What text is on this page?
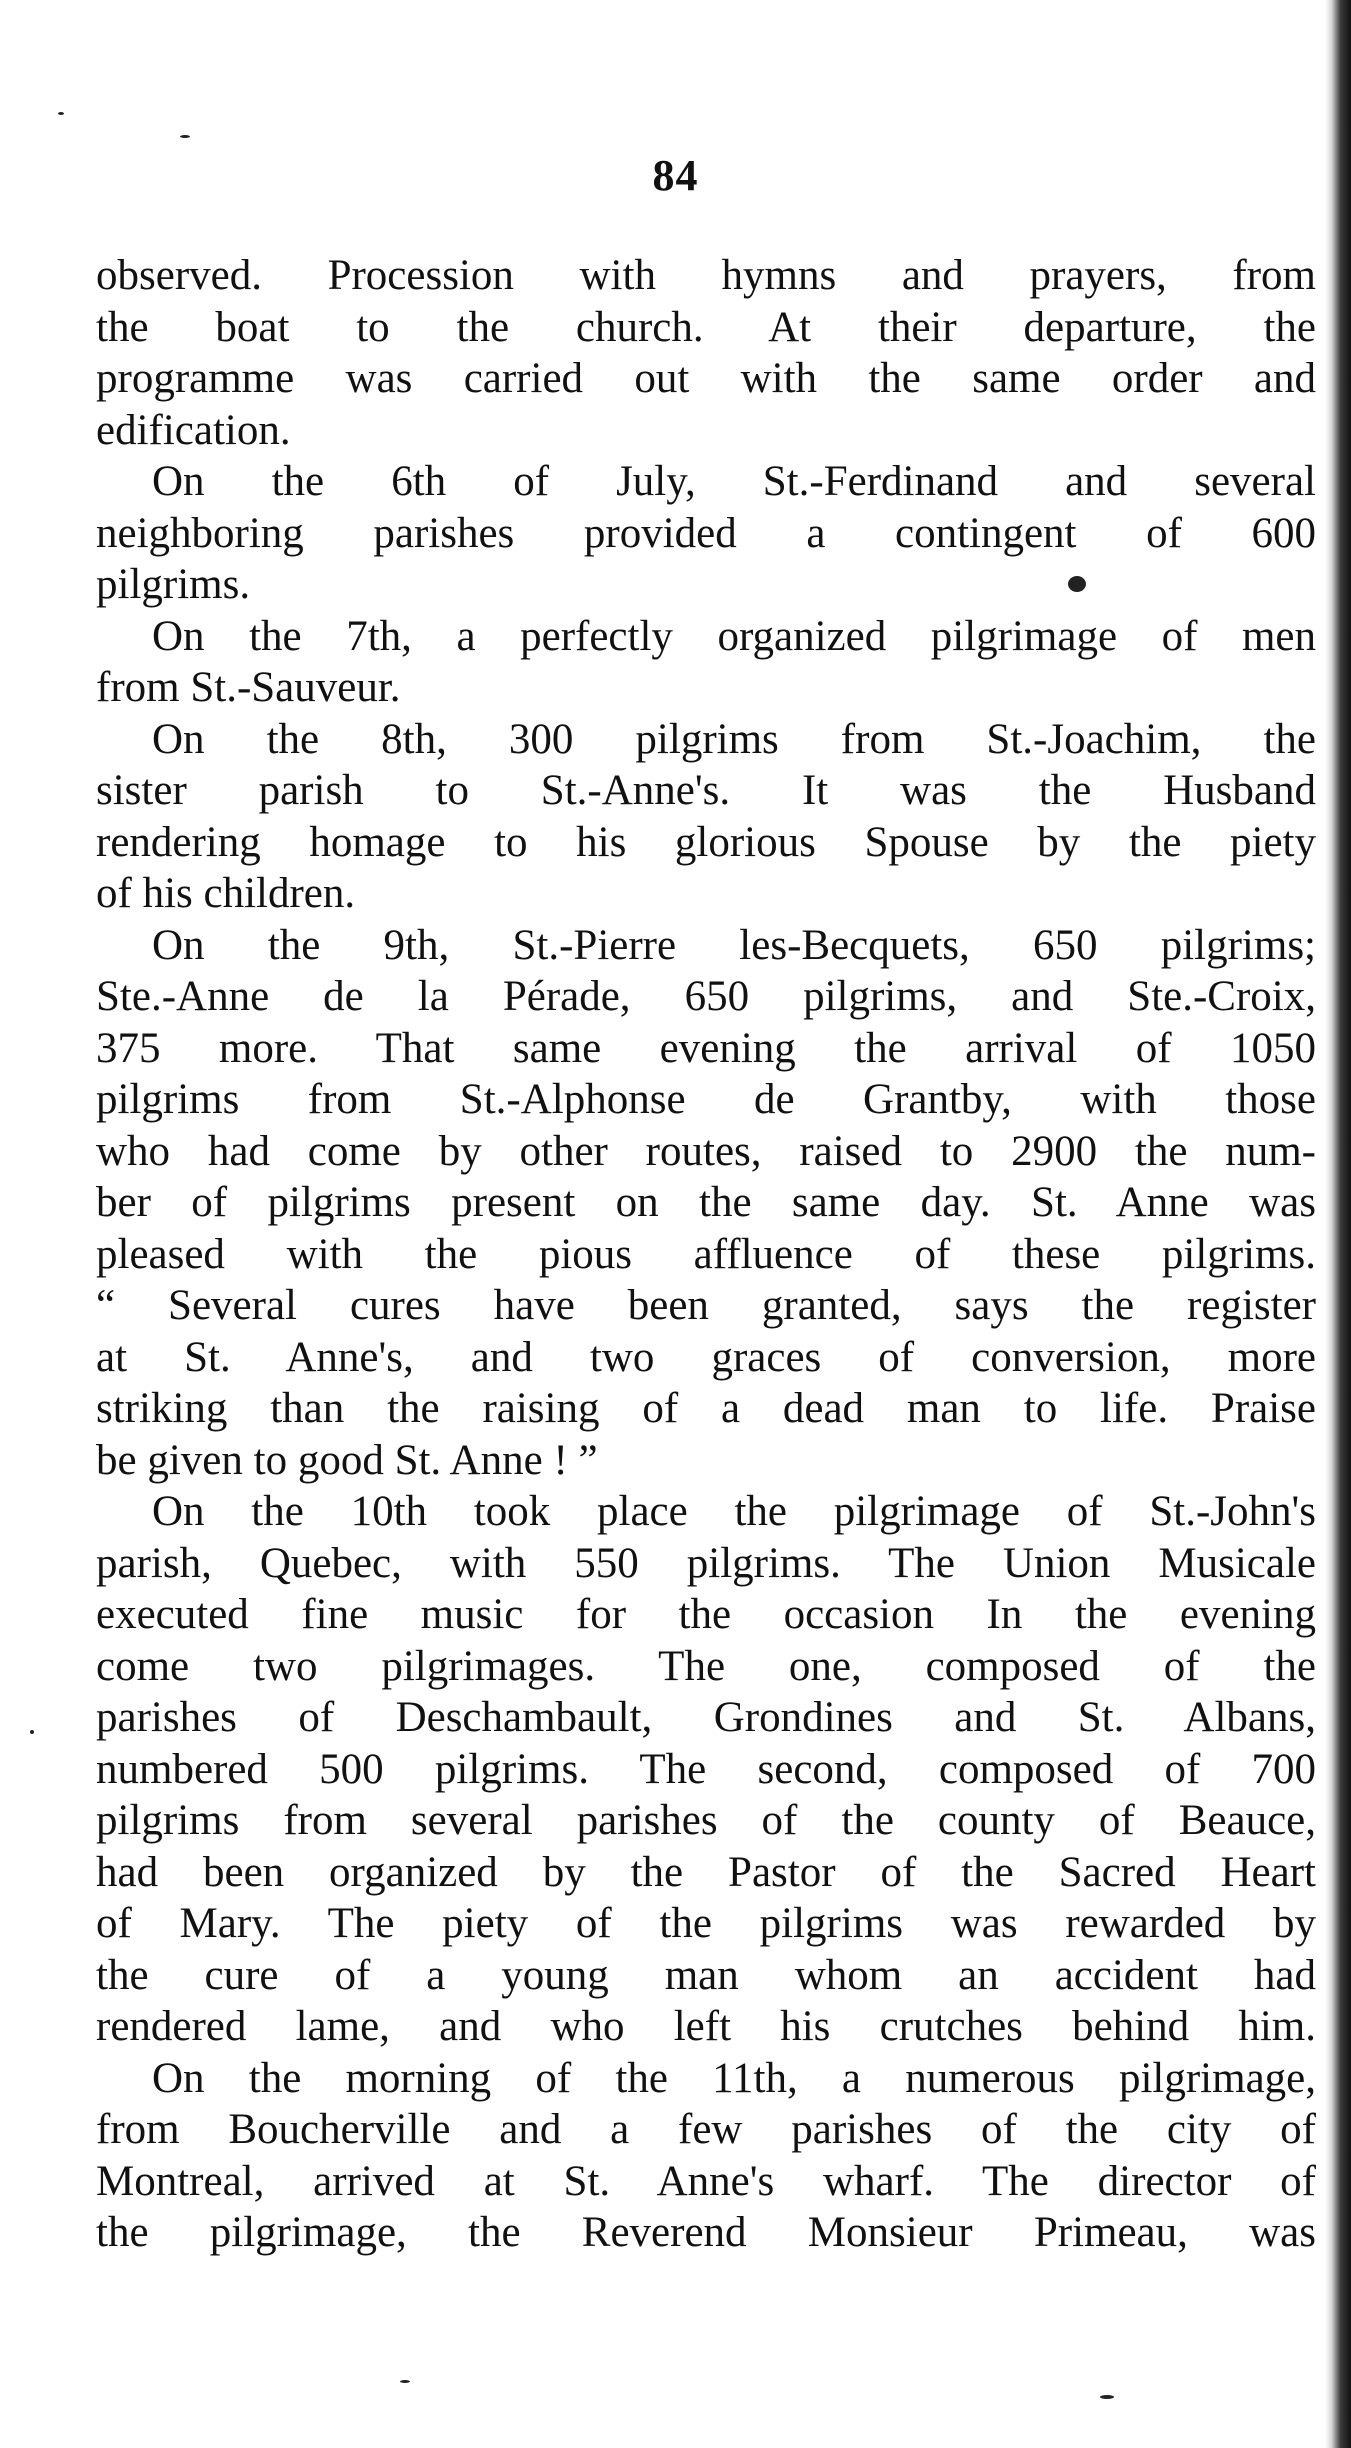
84
observed. Procession with hymns and prayers, from
the boat to the church. At their departure, the
programme was carried out with the same order and
edification.
On the 6th of July, St.-Ferdinand and several
neighboring parishes provided a contingent of 600
pilgrims.
On the 7th, a perfectly organized pilgrimage of men
from St.-Sauveur.
On the 8th, 300 pilgrims from St.-Joachim, the
sister parish to St.-Anne's. It was the Husband
rendering homage to his glorious Spouse by the piety
of his children.
On the 9th, St.-Pierre les-Becquets, 650 pilgrims;
Ste.-Anne de la Pérade, 650 pilgrims, and Ste.-Croix,
375 more. That same evening the arrival of 1050
pilgrims from St.-Alphonse de Grantby, with those
who had come by other routes, raised to 2900 the num-
ber of pilgrims present on the same day. St. Anne was
pleased with the pious affluence of these pilgrims.
“ Several cures have been granted, says the register
at St. Anne's, and two graces of conversion, more
striking than the raising of a dead man to life. Praise
be given to good St. Anne ! ”
On the 10th took place the pilgrimage of St.-John's
parish, Quebec, with 550 pilgrims. The Union Musicale
executed fine music for the occasion In the evening
come two pilgrimages. The one, composed of the
parishes of Deschambault, Grondines and St. Albans,
numbered 500 pilgrims. The second, composed of 700
pilgrims from several parishes of the county of Beauce,
had been organized by the Pastor of the Sacred Heart
of Mary. The piety of the pilgrims was rewarded by
the cure of a young man whom an accident had
rendered lame, and who left his crutches behind him.
On the morning of the 11th, a numerous pilgrimage,
from Boucherville and a few parishes of the city of
Montreal, arrived at St. Anne's wharf. The director of
the pilgrimage, the Reverend Monsieur Primeau, was
